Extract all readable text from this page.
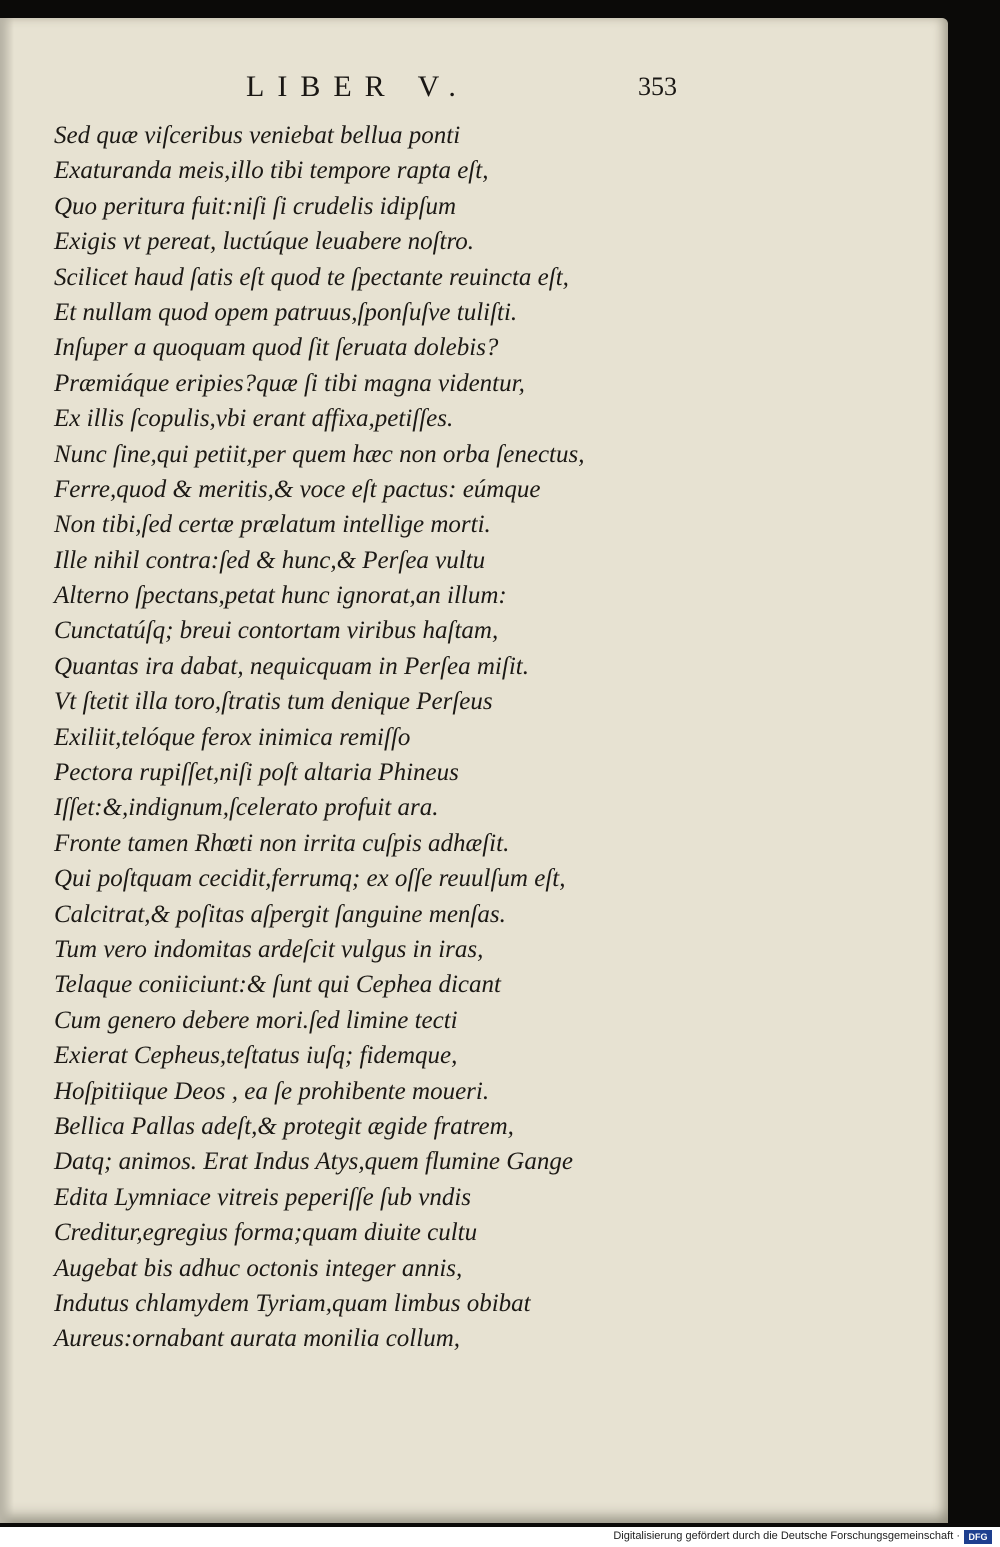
LIBER V.	353
Sed quæ viſceribus veniebat bellua ponti
Exaturanda meis,illo tibi tempore rapta eſt,
Quo peritura fuit:niſi ſi crudelis idipſum
Exigis vt pereat, luctúque leuabere noſtro.
Scilicet haud ſatis eſt quod te ſpectante reuincta eſt,
Et nullam quod opem patruus,ſponſuſve tuliſti.
Inſuper a quoquam quod ſit ſeruata dolebis?
Præmiáque eripies?quæ ſi tibi magna videntur,
Ex illis ſcopulis,vbi erant affixa,petiſſes.
Nunc ſine,qui petiit,per quem hæc non orba ſenectus,
Ferre,quod & meritis,& voce eſt pactus: eúmque
Non tibi,ſed certæ prælatum intellige morti.
Ille nihil contra:ſed & hunc,& Perſea vultu
Alterno ſpectans,petat hunc ignorat,an illum:
Cunctatúſq; breui contortam viribus haſtam,
Quantas ira dabat, nequicquam in Perſea miſit.
Vt ſtetit illa toro,ſtratis tum denique Perſeus
Exiliit,telóque ferox inimica remiſſo
Pectora rupiſſet,niſi poſt altaria Phineus
Iſſet:&,indignum,ſcelerato profuit ara.
Fronte tamen Rhœti non irrita cuſpis adhæſit.
Qui poſtquam cecidit,ferrumq; ex oſſe reuulſum eſt,
Calcitrat,& poſitas aſpergit ſanguine menſas.
Tum vero indomitas ardeſcit vulgus in iras,
Telaque coniiciunt:& ſunt qui Cephea dicant
Cum genero debere mori.ſed limine tecti
Exierat Cepheus,teſtatus iuſq; fidemque,
Hoſpitiique Deos , ea ſe prohibente moueri.
Bellica Pallas adeſt,& protegit ægide fratrem,
Datq; animos. Erat Indus Atys,quem flumine Gange
Edita Lymniace vitreis peperiſſe ſub vndis
Creditur,egregius forma;quam diuite cultu
Augebat bis adhuc octonis integer annis,
Indutus chlamydem Tyriam,quam limbus obibat
Aureus:ornabant aurata monilia collum,
Digitalisierung gefördert durch die Deutsche Forschungsgemeinschaft · DFG
